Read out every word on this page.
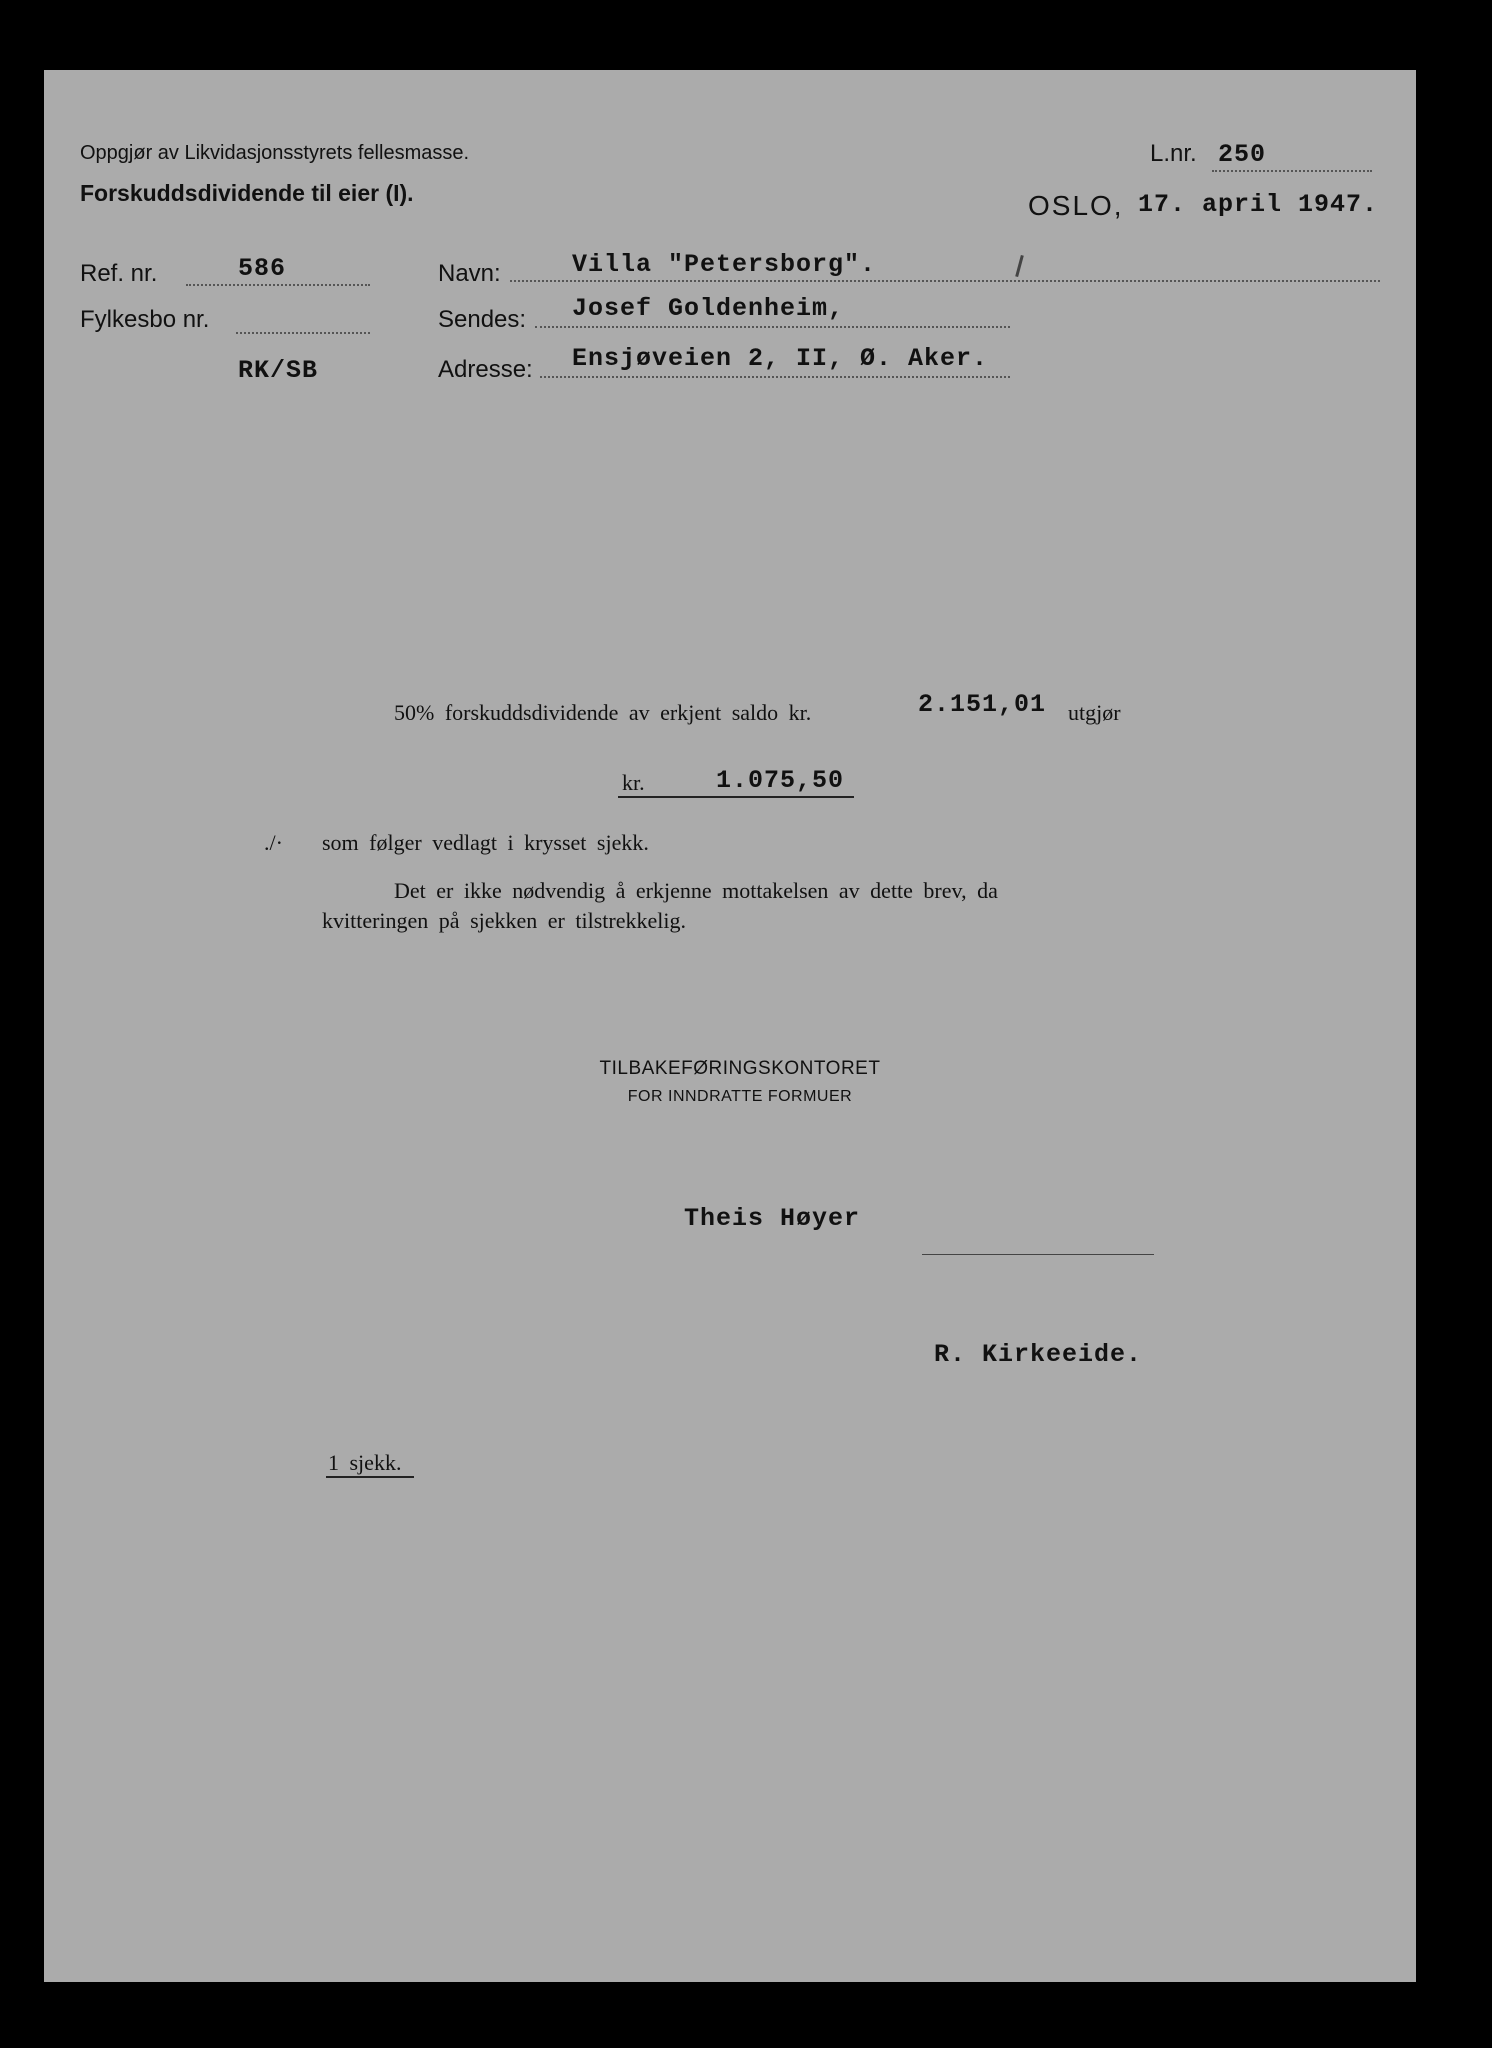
Oppgjør av Likvidasjonsstyrets fellesmasse.
Forskuddsdividende til eier (I).
L.nr. 250
OSLO, 17. april 1947.
Ref. nr.	586
Fylkesbo nr.
RK/SB
Navn:	Villa "Petersborg".
Sendes: Josef Goldenheim,
Adresse: Ensjøveien 2, II, Ø. Aker.
50% forskuddsdividende av erkjent saldo kr.	2.151,01 utgjør
kr.	1.075,50
./· som følger vedlagt i krysset sjekk.
Det er ikke nødvendig å erkjenne mottakelsen av dette brev, da
kvitteringen på sjekken er tilstrekkelig.
TILBAKEFØRINGSKONTORET
FOR INNDRATTE FORMUER
Theis Høyer
R. Kirkeeide.
1 sjekk.
